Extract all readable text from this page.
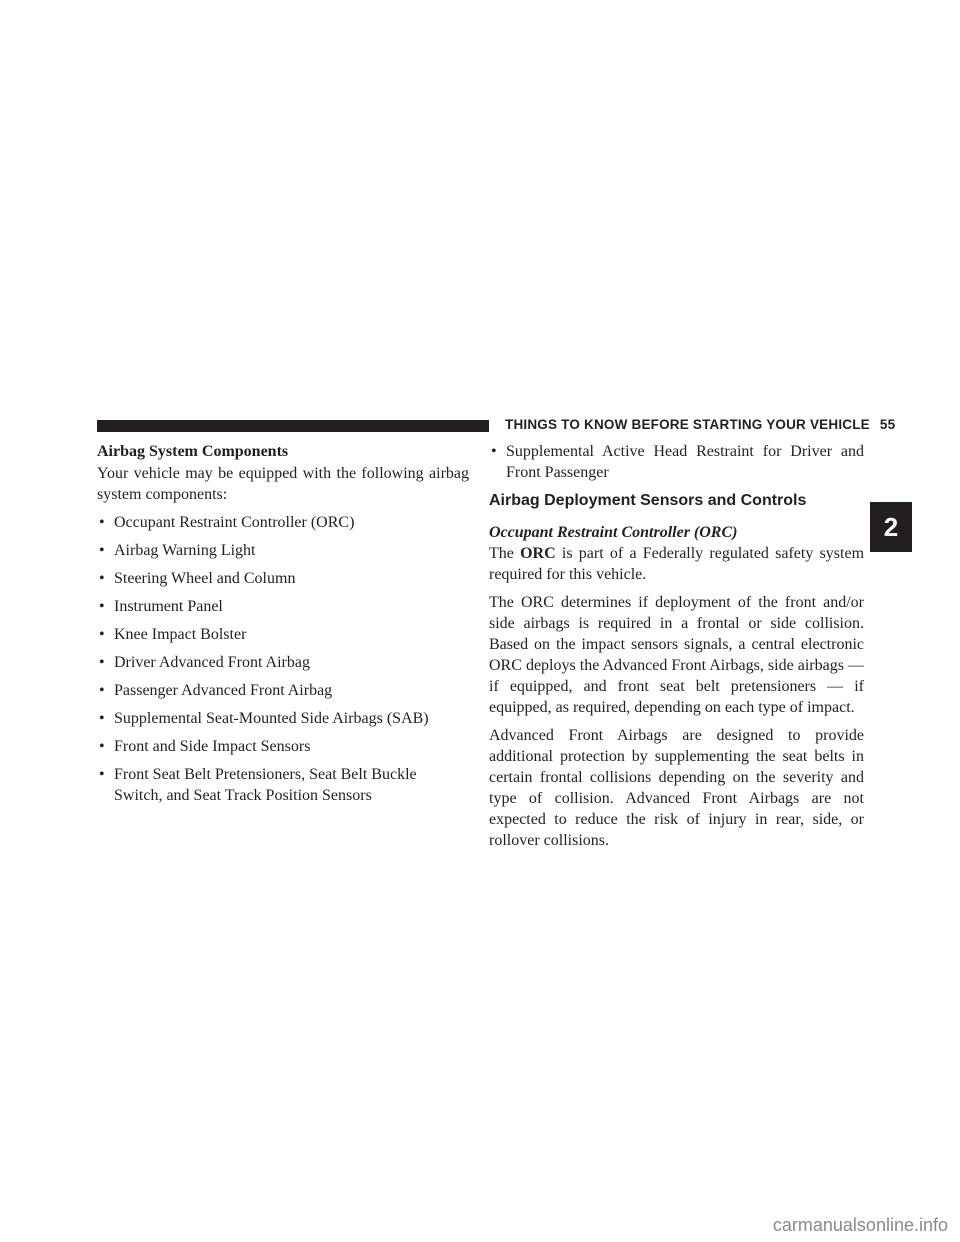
THINGS TO KNOW BEFORE STARTING YOUR VEHICLE 55
2
Airbag System Components

Your vehicle may be equipped with the following airbag system components:

• Occupant Restraint Controller (ORC)
• Airbag Warning Light
• Steering Wheel and Column
• Instrument Panel
• Knee Impact Bolster
• Driver Advanced Front Airbag
• Passenger Advanced Front Airbag
• Supplemental Seat-Mounted Side Airbags (SAB)
• Front and Side Impact Sensors
• Front Seat Belt Pretensioners, Seat Belt Buckle Switch, and Seat Track Position Sensors
• Supplemental Active Head Restraint for Driver and Front Passenger
Airbag Deployment Sensors and Controls
Occupant Restraint Controller (ORC)

The ORC is part of a Federally regulated safety system required for this vehicle.

The ORC determines if deployment of the front and/or side airbags is required in a frontal or side collision. Based on the impact sensors signals, a central electronic ORC deploys the Advanced Front Airbags, side airbags — if equipped, and front seat belt pretensioners — if equipped, as required, depending on each type of impact.

Advanced Front Airbags are designed to provide additional protection by supplementing the seat belts in certain frontal collisions depending on the severity and type of collision. Advanced Front Airbags are not expected to reduce the risk of injury in rear, side, or rollover collisions.

carmanualsonline.info
